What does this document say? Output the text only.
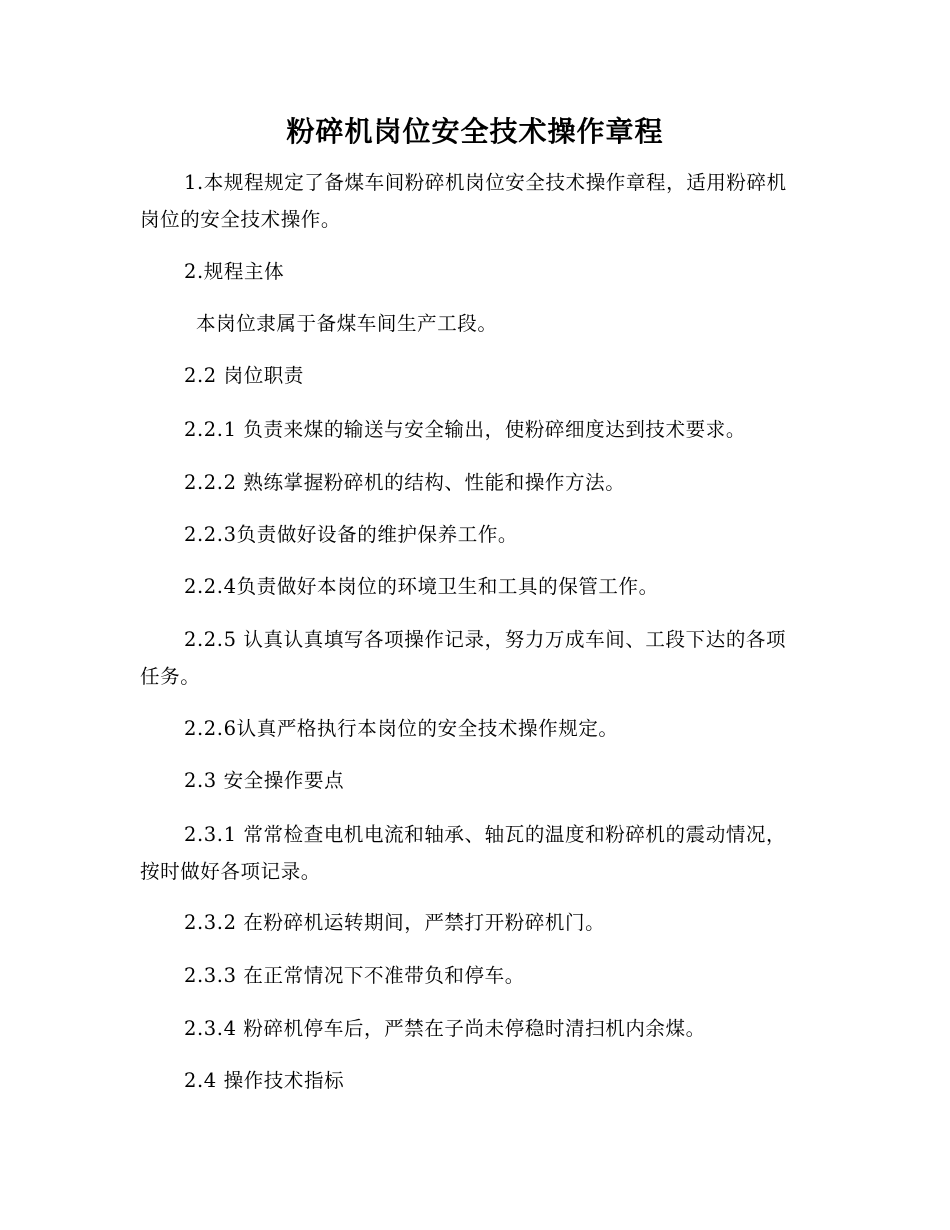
粉碎机岗位安全技术操作章程

1.本规程规定了备煤车间粉碎机岗位安全技术操作章程，适用粉碎机岗位的安全技术操作。

2.规程主体

本岗位隶属于备煤车间生产工段。

2.2 岗位职责

2.2.1 负责来煤的输送与安全输出，使粉碎细度达到技术要求。

2.2.2 熟练掌握粉碎机的结构、性能和操作方法。

2.2.3负责做好设备的维护保养工作。

2.2.4负责做好本岗位的环境卫生和工具的保管工作。

2.2.5 认真认真填写各项操作记录，努力万成车间、工段下达的各项任务。

2.2.6认真严格执行本岗位的安全技术操作规定。

2.3 安全操作要点

2.3.1 常常检查电机电流和轴承、轴瓦的温度和粉碎机的震动情况，按时做好各项记录。

2.3.2 在粉碎机运转期间，严禁打开粉碎机门。

2.3.3 在正常情况下不准带负和停车。

2.3.4 粉碎机停车后，严禁在子尚未停稳时清扫机内余煤。

2.4 操作技术指标
